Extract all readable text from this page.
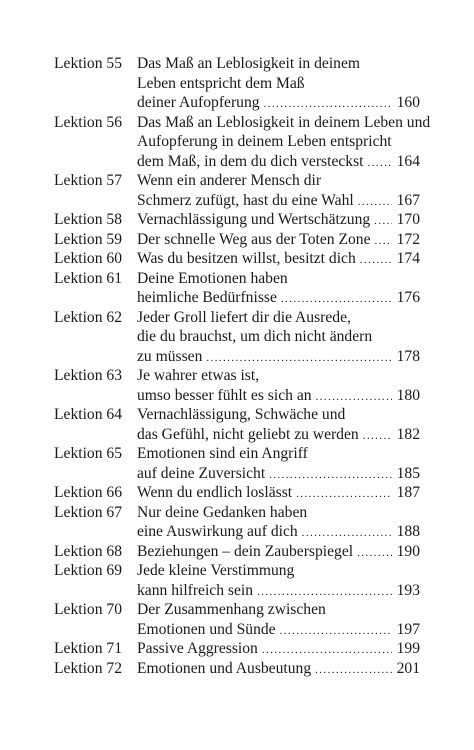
Lektion 55 Das Maß an Leblosigkeit in deinem
Leben entspricht dem Maß
deiner Aufopferung .....	160
Lektion 56 Das Maß an Leblosigkeit in deinem Leben und
Aufopferung in deinem Leben entspricht
dem Maß, in dem du dich versteckst .....	164
Lektion 57 Wenn ein anderer Mensch dir
Schmerz zufügt, hast du eine Wahl .....	167
Lektion 58 Vernachlässigung und Wertschätzung .....	170
Lektion 59 Der schnelle Weg aus der Toten Zone .....	172
Lektion 60 Was du besitzen willst, besitzt dich .....	174
Lektion 61 Deine Emotionen haben
heimliche Bedürfnisse .....	176
Lektion 62 Jeder Groll liefert dir die Ausrede,
die du brauchst, um dich nicht ändern
zu müssen .....	178
Lektion 63 Je wahrer etwas ist,
umso besser fühlt es sich an .....	180
Lektion 64 Vernachlässigung, Schwäche und
das Gefühl, nicht geliebt zu werden .....	182
Lektion 65 Emotionen sind ein Angriff
auf deine Zuversicht .....	185
Lektion 66 Wenn du endlich loslässt .....	187
Lektion 67 Nur deine Gedanken haben
eine Auswirkung auf dich .....	188
Lektion 68 Beziehungen – dein Zauberspiegel .....	190
Lektion 69 Jede kleine Verstimmung
kann hilfreich sein .....	193
Lektion 70 Der Zusammenhang zwischen
Emotionen und Sünde .....	197
Lektion 71 Passive Aggression .....	199
Lektion 72 Emotionen und Ausbeutung .....	201
